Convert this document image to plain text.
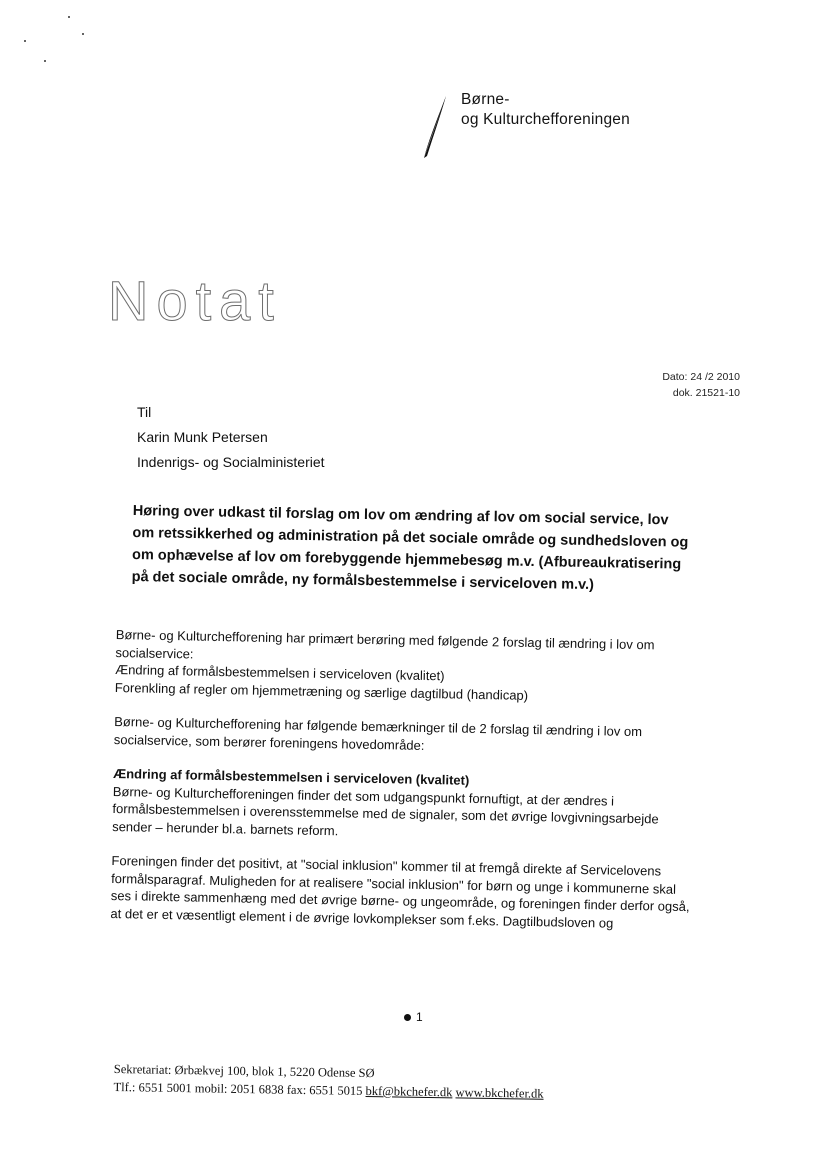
Børne-
og Kulturchefforeningen
Notat
Dato: 24 /2 2010
dok. 21521-10
Til
Karin Munk Petersen
Indenrigs- og Socialministeriet
Høring over udkast til forslag om lov om ændring af lov om social service, lov om retssikkerhed og administration på det sociale område og sundhedsloven og om ophævelse af lov om forebyggende hjemmebesøg m.v. (Afbureaukratisering på det sociale område, ny formålsbestemmelse i serviceloven m.v.)

Børne- og Kulturchefforening har primært berøring med følgende 2 forslag til ændring i lov om socialservice:
Ændring af formålsbestemmelsen i serviceloven (kvalitet)
Forenkling af regler om hjemmetræning og særlige dagtilbud (handicap)

Børne- og Kulturchefforening har følgende bemærkninger til de 2 forslag til ændring i lov om socialservice, som berører foreningens hovedområde:

Ændring af formålsbestemmelsen i serviceloven (kvalitet)
Børne- og Kulturchefforeningen finder det som udgangspunkt fornuftigt, at der ændres i formålsbestemmelsen i overensstemmelse med de signaler, som det øvrige lovgivningsarbejde sender – herunder bl.a. barnets reform.

Foreningen finder det positivt, at "social inklusion" kommer til at fremgå direkte af Servicelovens formålsparagraf. Muligheden for at realisere "social inklusion" for børn og unge i kommunerne skal ses i direkte sammenhæng med det øvrige børne- og ungeområde, og foreningen finder derfor også, at det er et væsentligt element i de øvrige lovkomplekser som f.eks. Dagtilbudsloven og

1
Sekretariat: Ørbækvej 100, blok 1, 5220 Odense SØ
Tlf.: 6551 5001 mobil: 2051 6838 fax: 6551 5015 bkf@bkchefer.dk www.bkchefer.dk
